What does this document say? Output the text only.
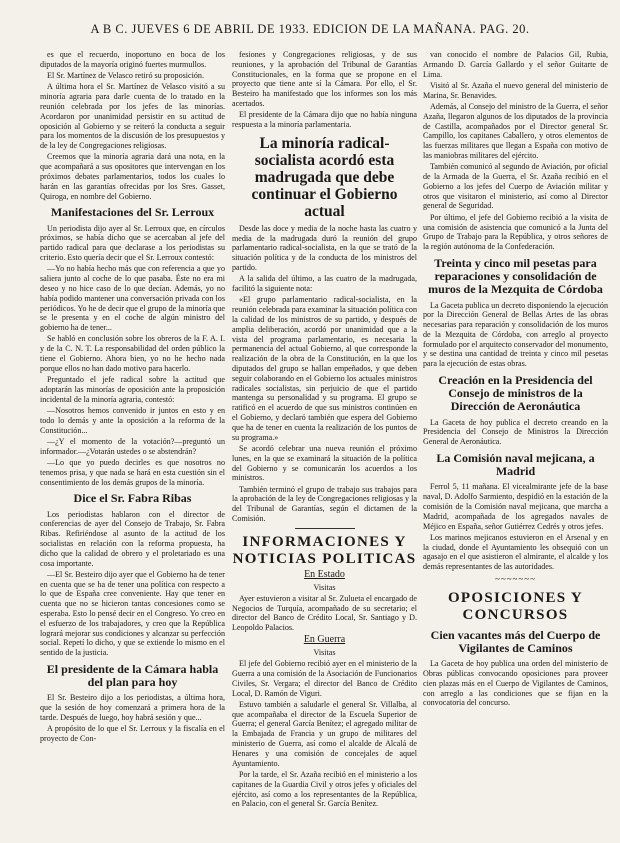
A B C. JUEVES 6 DE ABRIL DE 1933. EDICION DE LA MAÑANA. PAG. 20.

es que el recuerdo, inoportuno en boca de los diputados de la mayoría originó fuertes murmullos.

El Sr. Martínez de Velasco retiró su proposición.

A última hora el Sr. Martínez de Velasco visitó a su minoría agraria para darle cuenta de lo tratado en la reunión celebrada por los jefes de las minorías. Acordaron por unanimidad persistir en su actitud de oposición al Gobierno y se reiteró la conducta a seguir para los momentos de la discusión de los presupuestos y de la ley de Congregaciones religiosas.

Creemos que la minoría agraria dará una nota, en la que acompañará a sus opositores que intervengan en los próximos debates parlamentarios, todos los cuales lo harán en las garantías ofrecidas por los Sres. Gasset, Quiroga, en nombre del Gobierno.

Manifestaciones del Sr. Lerroux

Un periodista dijo ayer al Sr. Lerroux que, en círculos próximos, se había dicho que se acercaban al jefe del partido radical para que declarase a los periodistas su criterio. Esto quería decir que el Sr. Lerroux contestó:

—Yo no había hecho más que con referencia a que yo saliera junto al coche de lo que pasaba. Éste no era mi deseo y no hice caso de lo que decían. Además, yo no había podido mantener una conversación privada con los periódicos. Yo he de decir que el grupo de la minoría que se le presenta y en el coche de algún ministro del gobierno ha de tener...

Se habló en conclusión sobre los obreros de la F. A. I. y de la C. N. T. La responsabilidad del orden público la tiene el Gobierno. Ahora bien, yo no he hecho nada porque ellos no han dado motivo para hacerlo.

Preguntado el jefe radical sobre la actitud que adoptarán las minorías de oposición ante la proposición incidental de la minoría agraria, contestó:

—Nosotros hemos convenido ir juntos en esto y en todo lo demás y ante la oposición a la reforma de la Constitución...

—¿Y el momento de la votación?—preguntó un informador.—¿Votarán ustedes o se abstendrán?

—Lo que yo puedo decirles es que nosotros no tenemos prisa, y que nada se hará en esta cuestión sin el consentimiento de los demás grupos de la minoría.

Dice el Sr. Fabra Ribas

Los periodistas hablaron con el director de conferencias de ayer del Consejo de Trabajo, Sr. Fabra Ribas. Refiriéndose al asunto de la actitud de los socialistas en relación con la reforma propuesta, ha dicho que la calidad de obrero y el proletariado es una cosa importante.

—El Sr. Besteiro dijo ayer que el Gobierno ha de tener en cuenta que se ha de tener una política con respecto a lo que de España cree conveniente. Hay que tener en cuenta que no se hicieron tantas concesiones como se esperaba. Esto lo pensé decir en el Congreso. Yo creo en el esfuerzo de los trabajadores, y creo que la República logrará mejorar sus condiciones y alcanzar su perfección social. Repetí lo dicho, y que se extiende lo mismo en el sentido de la justicia.

El presidente de la Cámara habla del plan para hoy

El Sr. Besteiro dijo a los periodistas, a última hora, que la sesión de hoy comenzará a primera hora de la tarde. Después de luego, hoy habrá sesión y que...

A propósito de lo que el Sr. Lerroux y la fiscalía en el proyecto de Con-

fesiones y Congregaciones religiosas, y de sus reuniones, y la aprobación del Tribunal de Garantías Constitucionales, en la forma que se propone en el proyecto que tiene ante sí la Cámara. Por ello, el Sr. Besteiro ha manifestado que los informes son los más acertados.

El presidente de la Cámara dijo que no había ninguna respuesta a la minoría parlamentaria.

La minoría radical-socialista acordó esta madrugada que debe continuar el Gobierno actual

Desde las doce y media de la noche hasta las cuatro y media de la madrugada duró la reunión del grupo parlamentario radical-socialista, en la que se trató de la situación política y de la conducta de los ministros del partido.

A la salida del último, a las cuatro de la madrugada, facilitó la siguiente nota:

«El grupo parlamentario radical-socialista, en la reunión celebrada para examinar la situación política con la calidad de los ministros de su partido, y después de amplia deliberación, acordó por unanimidad que a la vista del programa parlamentario, es necesaria la permanencia del actual Gobierno, al que corresponde la realización de la obra de la Constitución, en la que los diputados del grupo se hallan empeñados, y que deben seguir colaborando en el Gobierno los actuales ministros radicales socialistas, sin perjuicio de que el partido mantenga su personalidad y su programa. El grupo se ratificó en el acuerdo de que sus ministros continúen en el Gobierno, y declaró también que espera del Gobierno que ha de tener en cuenta la realización de los puntos de su programa.»

Se acordó celebrar una nueva reunión el próximo lunes, en la que se examinará la situación de la política del Gobierno y se comunicarán los acuerdos a los ministros.

También terminó el grupo de trabajo sus trabajos para la aprobación de la ley de Congregaciones religiosas y la del Tribunal de Garantías, según el dictamen de la Comisión.

INFORMACIONES Y NOTICIAS POLITICAS
En Estado

Visitas

Ayer estuvieron a visitar al Sr. Zulueta el encargado de Negocios de Turquía, acompañado de su secretario; el director del Banco de Crédito Local, Sr. Santiago y D. Leopoldo Palacios.

En Guerra

Visitas

El jefe del Gobierno recibió ayer en el ministerio de la Guerra a una comisión de la Asociación de Funcionarios Civiles, Sr. Vergara; el director del Banco de Crédito Local, D. Ramón de Viguri.

Estuvo también a saludarle el general Sr. Villalba, al que acompañaba el director de la Escuela Superior de Guerra; el general García Benítez; el agregado militar de la Embajada de Francia y un grupo de militares del ministerio de Guerra, así como el alcalde de Alcalá de Henares y una comisión de concejales de aquel Ayuntamiento.

Por la tarde, el Sr. Azaña recibió en el ministerio a los capitanes de la Guardia Civil y otros jefes y oficiales del ejército, así como a los representantes de la República, en Palacio, con el general Sr. García Benítez.

van conocido el nombre de Palacios Gil, Rubia, Armando D. García Gallardo y el señor Guitarte de Lima.

Visitó al Sr. Azaña el nuevo general del ministerio de Marina, Sr. Benavides.

Además, al Consejo del ministro de la Guerra, el señor Azaña, llegaron algunos de los diputados de la provincia de Castilla, acompañados por el Director general Sr. Campillo, los capitanes Caballero, y otros elementos de las fuerzas militares que llegan a España con motivo de las maniobras militares del ejército.

También comunicó al segundo de Aviación, por oficial de la Armada de la Guerra, el Sr. Azaña recibió en el Gobierno a los jefes del Cuerpo de Aviación militar y otros que visitaron el ministerio, así como al Director general de Seguridad.

Por último, el jefe del Gobierno recibió a la visita de una comisión de asistencia que comunicó a la Junta del Grupo de Trabajo para la República, y otros señores de la región autónoma de la Confederación.

Treinta y cinco mil pesetas para reparaciones y consolidación de muros de la Mezquita de Córdoba

La Gaceta publica un decreto disponiendo la ejecución por la Dirección General de Bellas Artes de las obras necesarias para reparación y consolidación de los muros de la Mezquita de Córdoba, con arreglo al proyecto formulado por el arquitecto conservador del monumento, y se destina una cantidad de treinta y cinco mil pesetas para la ejecución de estas obras.

Creación en la Presidencia del Consejo de ministros de la Dirección de Aeronáutica

La Gaceta de hoy publica el decreto creando en la Presidencia del Consejo de Ministros la Dirección General de Aeronáutica.

La Comisión naval mejicana, a Madrid

Ferrol 5, 11 mañana. El vicealmirante jefe de la base naval, D. Adolfo Sarmiento, despidió en la estación de la comisión de la Comisión naval mejicana, que marcha a Madrid, acompañada de los agregados navales de Méjico en España, señor Gutiérrez Cedrés y otros jefes.

Los marinos mejicanos estuvieron en el Arsenal y en la ciudad, donde el Ayuntamiento les obsequió con un agasajo en el que asistieron el almirante, el alcalde y los demás representantes de las autoridades.

~~~~~~~
OPOSICIONES Y CONCURSOS
Cien vacantes más del Cuerpo de Vigilantes de Caminos

La Gaceta de hoy publica una orden del ministerio de Obras públicas convocando oposiciones para proveer cien plazas más en el Cuerpo de Vigilantes de Caminos, con arreglo a las condiciones que se fijan en la convocatoria del concurso.
